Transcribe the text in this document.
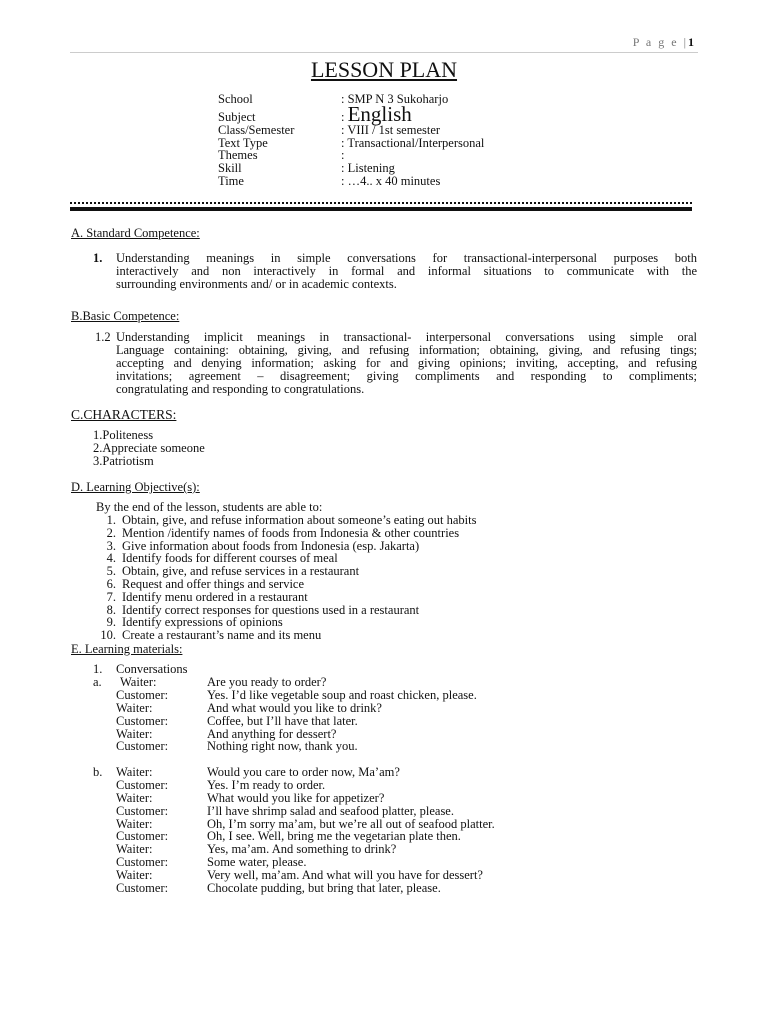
P a g e |1
LESSON PLAN
School	: SMP N 3 Sukoharjo
Subject	: English
Class/Semester	: VIII / 1st semester
Text Type	: Transactional/Interpersonal
Themes	:
Skill	: Listening
Time	: …4.. x 40 minutes
A. Standard Competence:
1. Understanding meanings in simple conversations for transactional-interpersonal purposes both
interactively and non interactively in formal and informal situations to communicate with the
surrounding environments and/ or in academic contexts.
B.Basic Competence:
1.2 Understanding implicit meanings in transactional- interpersonal conversations using simple oral
Language containing: obtaining, giving, and refusing information; obtaining, giving, and refusing tings;
accepting and denying information; asking for and giving opinions; inviting, accepting, and refusing
invitations; agreement – disagreement; giving compliments and responding to compliments;
congratulating and responding to congratulations.
C.CHARACTERS:
1.Politeness
2.Appreciate someone
3.Patriotism
D. Learning Objective(s):
By the end of the lesson, students are able to:
1. Obtain, give, and refuse information about someone’s eating out habits
2. Mention /identify names of foods from Indonesia & other countries
3. Give information about foods from Indonesia (esp. Jakarta)
4. Identify foods for different courses of meal
5. Obtain, give, and refuse services in a restaurant
6. Request and offer things and service
7. Identify menu ordered in a restaurant
8. Identify correct responses for questions used in a restaurant
9. Identify expressions of opinions
10. Create a restaurant’s name and its menu
E. Learning materials:
1.	Conversations
a.	Waiter:	Are you ready to order?
Customer:	Yes. I’d like vegetable soup and roast chicken, please.
Waiter:	And what would you like to drink?
Customer:	Coffee, but I’ll have that later.
Waiter:	And anything for dessert?
Customer:	Nothing right now, thank you.
b.	Waiter:	Would you care to order now, Ma’am?
Customer:	Yes. I’m ready to order.
Waiter:	What would you like for appetizer?
Customer:	I’ll have shrimp salad and seafood platter, please.
Waiter:	Oh, I’m sorry ma’am, but we’re all out of seafood platter.
Customer:	Oh, I see. Well, bring me the vegetarian plate then.
Waiter:	Yes, ma’am. And something to drink?
Customer:	Some water, please.
Waiter:	Very well, ma’am. And what will you have for dessert?
Customer:	Chocolate pudding, but bring that later, please.
